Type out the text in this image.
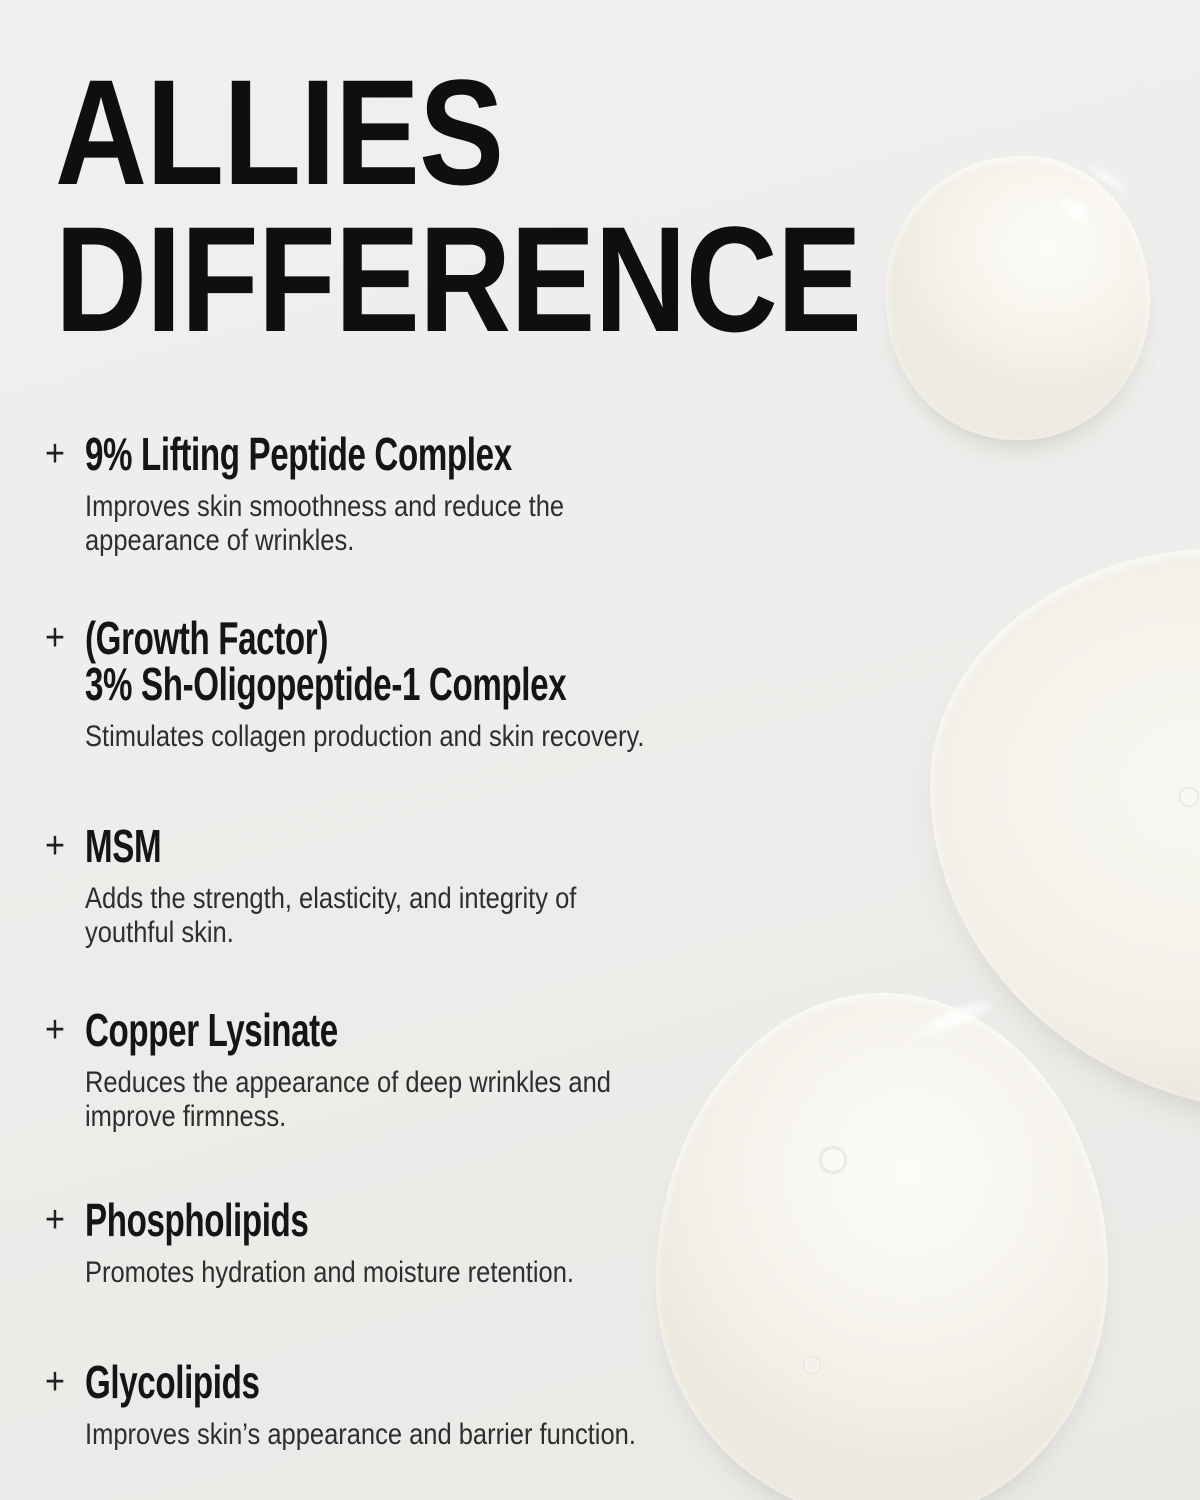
ALLIES
DIFFERENCE
+ 9% Lifting Peptide Complex

Improves skin smoothness and reduce the
appearance of wrinkles.

+ (Growth Factor)
3% Sh-Oligopeptide-1 Complex

Stimulates collagen production and skin recovery.

+ MSM

Adds the strength, elasticity, and integrity of
youthful skin.

+ Copper Lysinate

Reduces the appearance of deep wrinkles and
improve firmness.

+ Phospholipids

Promotes hydration and moisture retention.

+ Glycolipids

Improves skin’s appearance and barrier function.
